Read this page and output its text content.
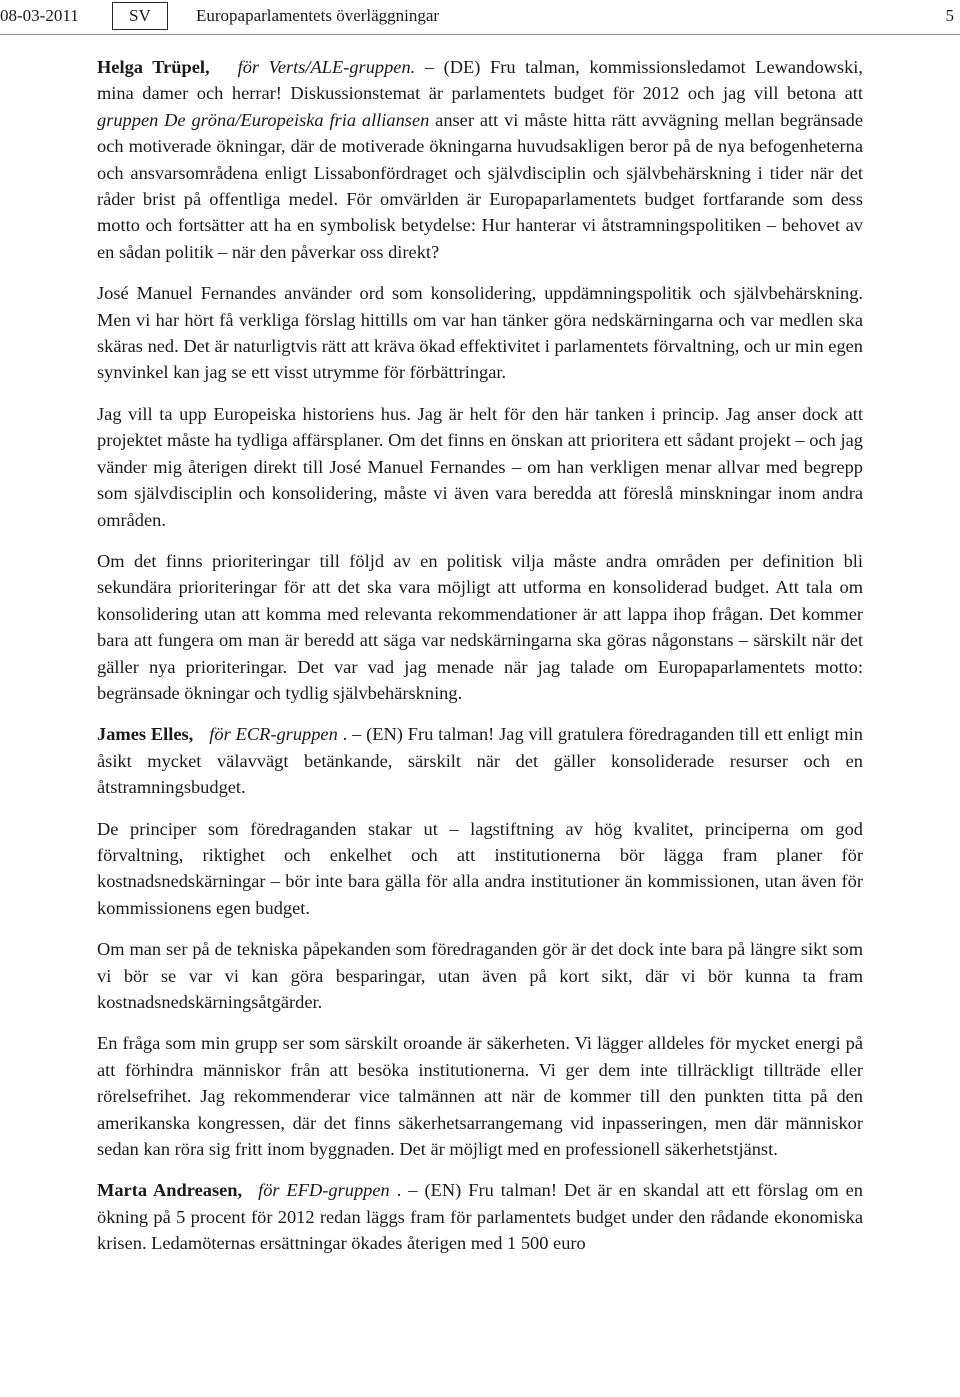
08-03-2011	SV	Europaparlamentets överläggningar	5

Helga Trüpel, för Verts/ALE-gruppen. – (DE) Fru talman, kommissionsledamot Lewandowski, mina damer och herrar! Diskussionstemat är parlamentets budget för 2012 och jag vill betona att gruppen De gröna/Europeiska fria alliansen anser att vi måste hitta rätt avvägning mellan begränsade och motiverade ökningar, där de motiverade ökningarna huvudsakligen beror på de nya befogenheterna och ansvarsområdena enligt Lissabonfördraget och självdisciplin och självbehärskning i tider när det råder brist på offentliga medel. För omvärlden är Europaparlamentets budget fortfarande som dess motto och fortsätter att ha en symbolisk betydelse: Hur hanterar vi åtstramningspolitiken – behovet av en sådan politik – när den påverkar oss direkt?

José Manuel Fernandes använder ord som konsolidering, uppdämningspolitik och självbehärskning. Men vi har hört få verkliga förslag hittills om var han tänker göra nedskärningarna och var medlen ska skäras ned. Det är naturligtvis rätt att kräva ökad effektivitet i parlamentets förvaltning, och ur min egen synvinkel kan jag se ett visst utrymme för förbättringar.

Jag vill ta upp Europeiska historiens hus. Jag är helt för den här tanken i princip. Jag anser dock att projektet måste ha tydliga affärsplaner. Om det finns en önskan att prioritera ett sådant projekt – och jag vänder mig återigen direkt till José Manuel Fernandes – om han verkligen menar allvar med begrepp som självdisciplin och konsolidering, måste vi även vara beredda att föreslå minskningar inom andra områden.

Om det finns prioriteringar till följd av en politisk vilja måste andra områden per definition bli sekundära prioriteringar för att det ska vara möjligt att utforma en konsoliderad budget. Att tala om konsolidering utan att komma med relevanta rekommendationer är att lappa ihop frågan. Det kommer bara att fungera om man är beredd att säga var nedskärningarna ska göras någonstans – särskilt när det gäller nya prioriteringar. Det var vad jag menade när jag talade om Europaparlamentets motto: begränsade ökningar och tydlig självbehärskning.

James Elles, för ECR-gruppen . – (EN) Fru talman! Jag vill gratulera föredraganden till ett enligt min åsikt mycket välavvägt betänkande, särskilt när det gäller konsoliderade resurser och en åtstramningsbudget.

De principer som föredraganden stakar ut – lagstiftning av hög kvalitet, principerna om god förvaltning, riktighet och enkelhet och att institutionerna bör lägga fram planer för kostnadsnedskärningar – bör inte bara gälla för alla andra institutioner än kommissionen, utan även för kommissionens egen budget.

Om man ser på de tekniska påpekanden som föredraganden gör är det dock inte bara på längre sikt som vi bör se var vi kan göra besparingar, utan även på kort sikt, där vi bör kunna ta fram kostnadsnedskärningsåtgärder.

En fråga som min grupp ser som särskilt oroande är säkerheten. Vi lägger alldeles för mycket energi på att förhindra människor från att besöka institutionerna. Vi ger dem inte tillräckligt tillträde eller rörelsefrihet. Jag rekommenderar vice talmännen att när de kommer till den punkten titta på den amerikanska kongressen, där det finns säkerhetsarrangemang vid inpasseringen, men där människor sedan kan röra sig fritt inom byggnaden. Det är möjligt med en professionell säkerhetstjänst.

Marta Andreasen, för EFD-gruppen . – (EN) Fru talman! Det är en skandal att ett förslag om en ökning på 5 procent för 2012 redan läggs fram för parlamentets budget under den rådande ekonomiska krisen. Ledamöternas ersättningar ökades återigen med 1 500 euro
